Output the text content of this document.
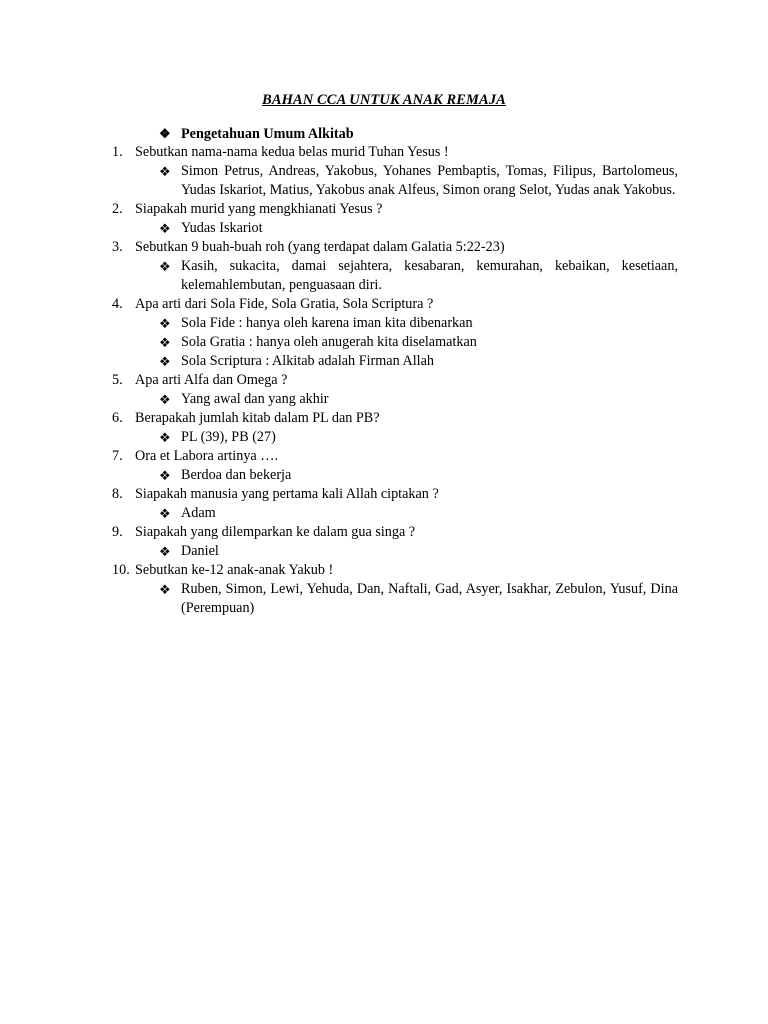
BAHAN CCA UNTUK ANAK REMAJA
❖ Pengetahuan Umum Alkitab
1. Sebutkan nama-nama kedua belas murid Tuhan Yesus !
❖ Simon Petrus, Andreas, Yakobus, Yohanes Pembaptis, Tomas, Filipus, Bartolomeus, Yudas Iskariot, Matius, Yakobus anak Alfeus, Simon orang Selot, Yudas anak Yakobus.
2. Siapakah murid yang mengkhianati Yesus ?
❖ Yudas Iskariot
3. Sebutkan 9 buah-buah roh (yang terdapat dalam Galatia 5:22-23)
❖ Kasih, sukacita, damai sejahtera, kesabaran, kemurahan, kebaikan, kesetiaan, kelemahlembutan, penguasaan diri.
4. Apa arti dari Sola Fide, Sola Gratia, Sola Scriptura ?
❖ Sola Fide : hanya oleh karena iman kita dibenarkan
❖ Sola Gratia : hanya oleh anugerah kita diselamatkan
❖ Sola Scriptura : Alkitab adalah Firman Allah
5. Apa arti Alfa dan Omega ?
❖ Yang awal dan yang akhir
6. Berapakah jumlah kitab dalam PL dan PB?
❖ PL (39), PB (27)
7. Ora et Labora artinya ….
❖ Berdoa dan bekerja
8. Siapakah manusia yang pertama kali Allah ciptakan ?
❖ Adam
9. Siapakah yang dilemparkan ke dalam gua singa ?
❖ Daniel
10. Sebutkan ke-12 anak-anak Yakub !
❖ Ruben, Simon, Lewi, Yehuda, Dan, Naftali, Gad, Asyer, Isakhar, Zebulon, Yusuf, Dina (Perempuan)
